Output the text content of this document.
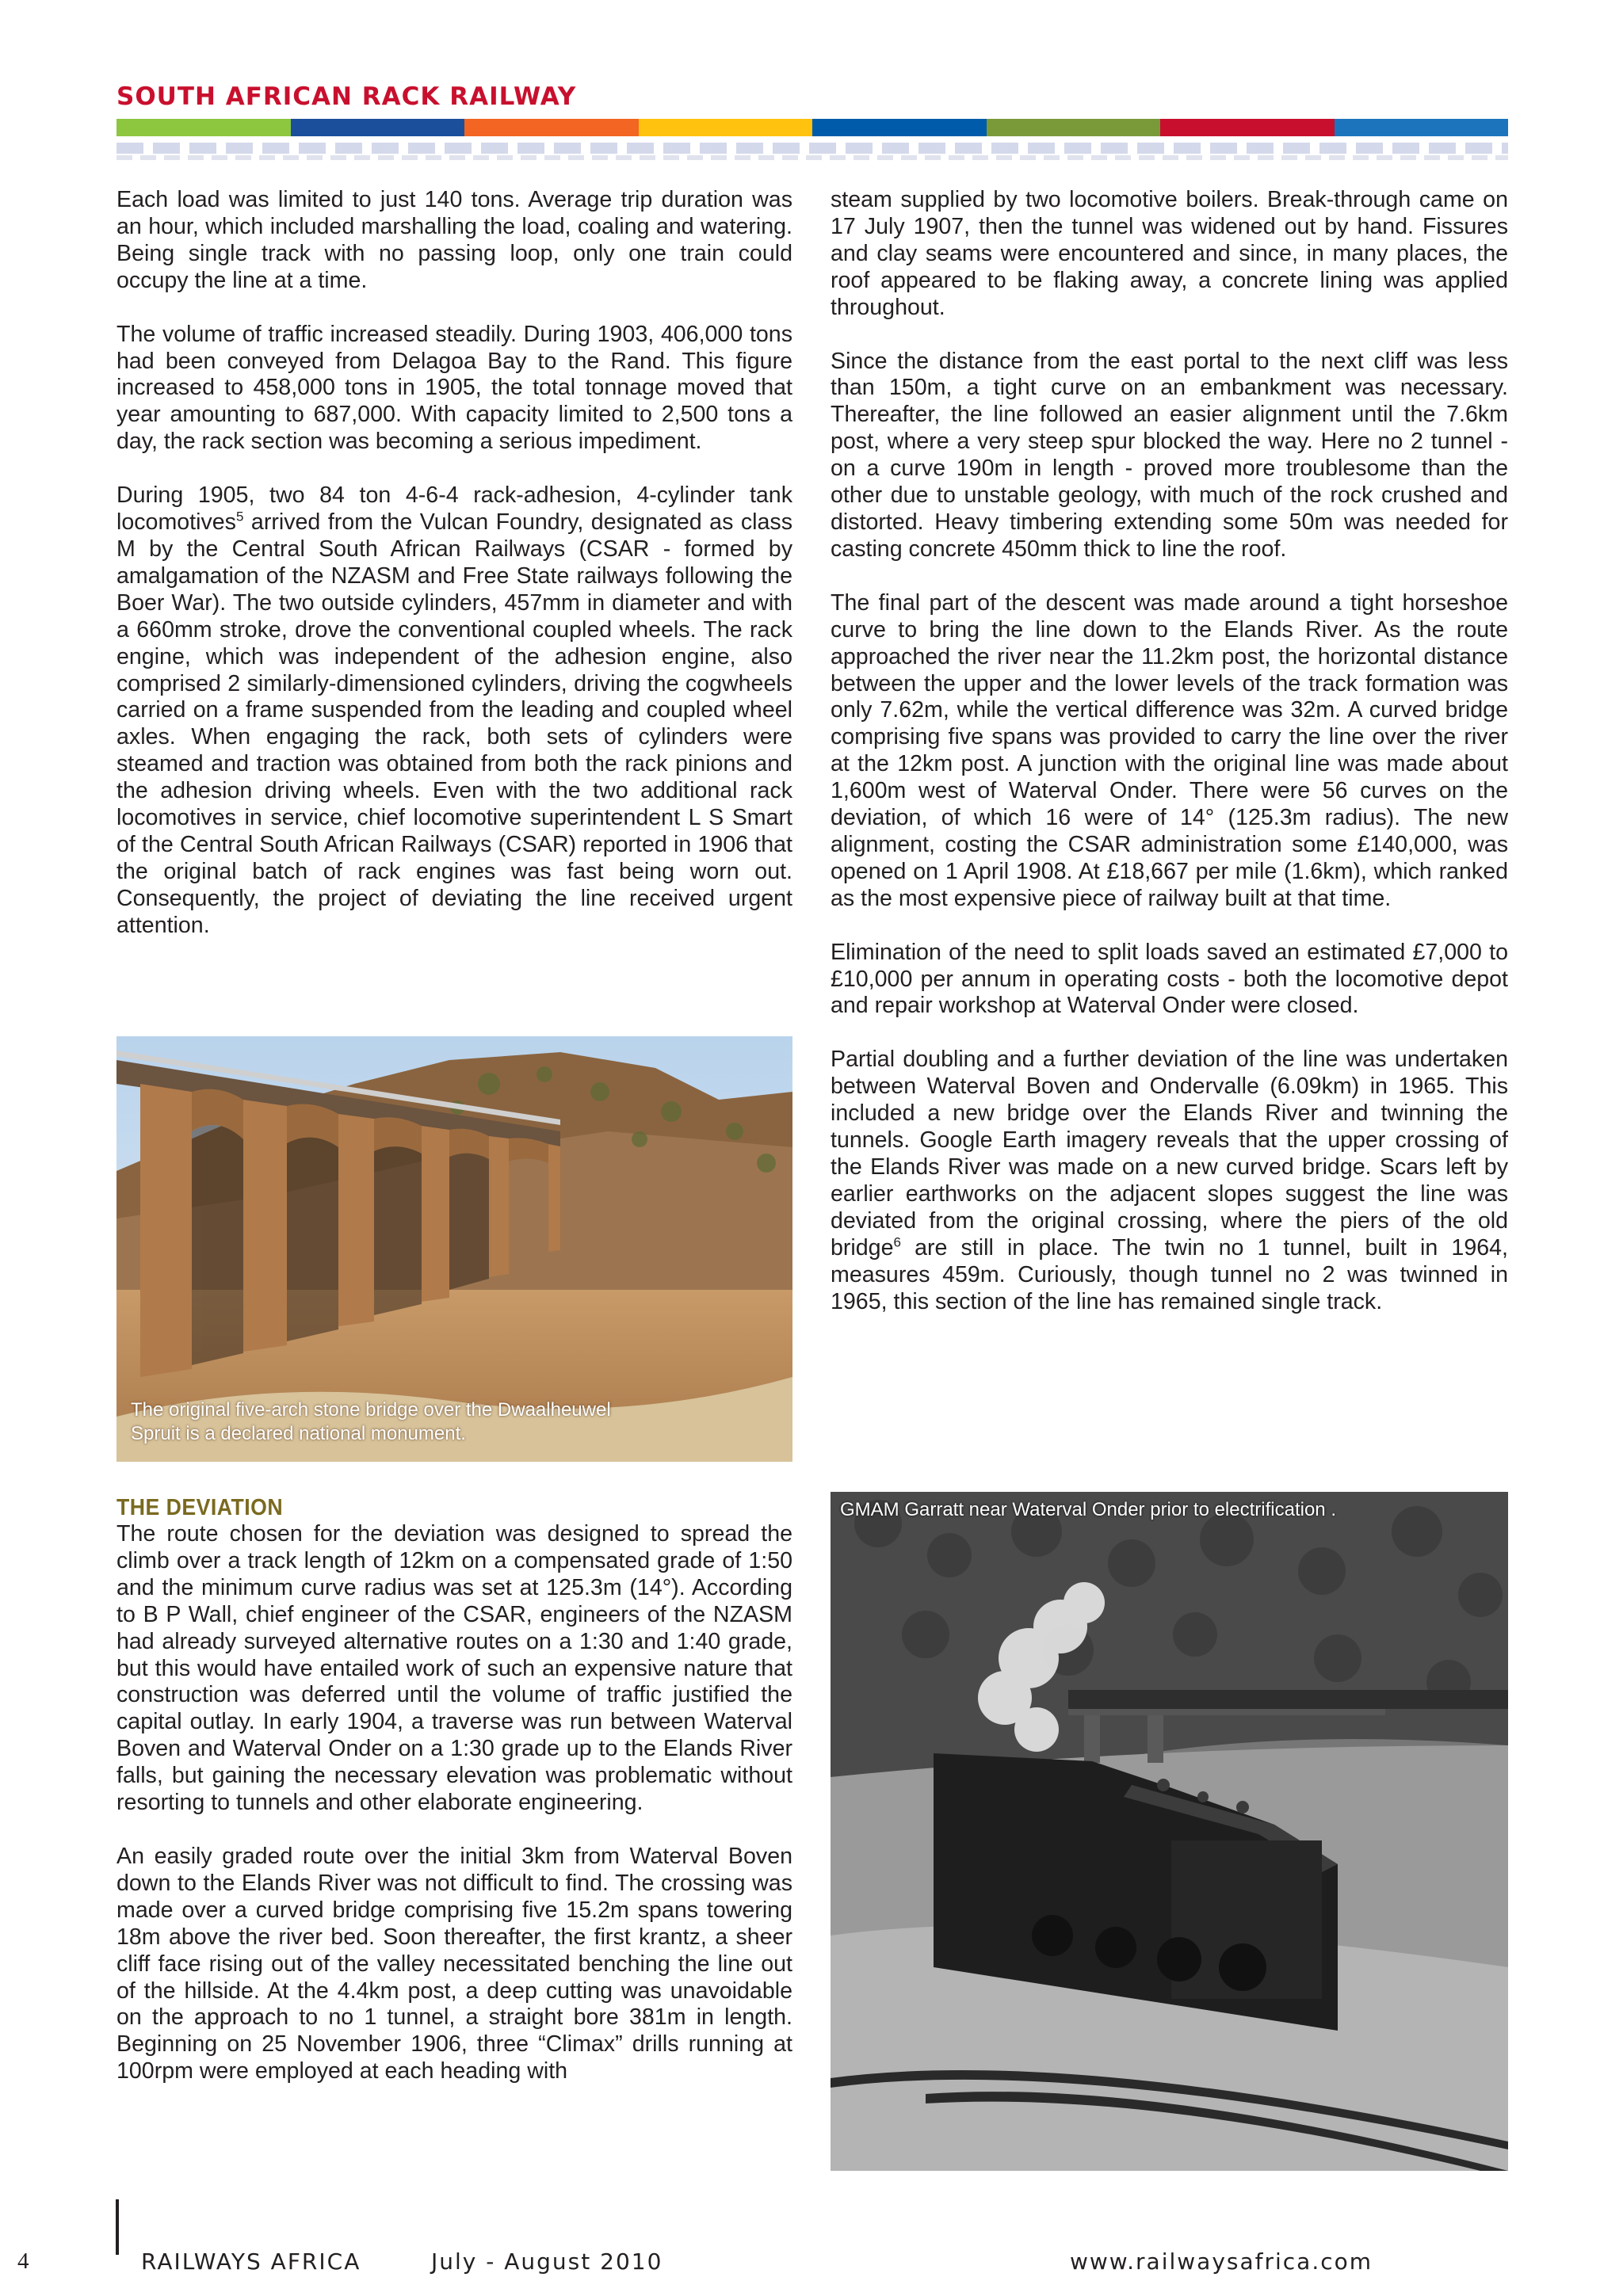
SOUTH AFRICAN RACK RAILWAY

Each load was limited to just 140 tons. Average trip duration was an hour, which included marshalling the load, coaling and watering. Being single track with no passing loop, only one train could occupy the line at a time.

The volume of traffic increased steadily. During 1903, 406,000 tons had been conveyed from Delagoa Bay to the Rand. This figure increased to 458,000 tons in 1905, the total tonnage moved that year amounting to 687,000. With capacity limited to 2,500 tons a day, the rack section was becoming a serious impediment.

During 1905, two 84 ton 4-6-4 rack-adhesion, 4-cylinder tank locomotives$^5$ arrived from the Vulcan Foundry, designated as class M by the Central South African Railways (CSAR - formed by amalgamation of the NZASM and Free State railways following the Boer War). The two outside cylinders, 457mm in diameter and with a 660mm stroke, drove the conventional coupled wheels. The rack engine, which was independent of the adhesion engine, also comprised 2 similarly-dimensioned cylinders, driving the cogwheels carried on a frame suspended from the leading and coupled wheel axles. When engaging the rack, both sets of cylinders were steamed and traction was obtained from both the rack pinions and the adhesion driving wheels. Even with the two additional rack locomotives in service, chief locomotive superintendent L S Smart of the Central South African Railways (CSAR) reported in 1906 that the original batch of rack engines was fast being worn out. Consequently, the project of deviating the line received urgent attention.

The original five-arch stone bridge over the Dwaalheuwel Spruit is a declared national monument.
THE DEVIATION

The route chosen for the deviation was designed to spread the climb over a track length of 12km on a compensated grade of 1:50 and the minimum curve radius was set at 125.3m (14°). According to B P Wall, chief engineer of the CSAR, engineers of the NZASM had already surveyed alternative routes on a 1:30 and 1:40 grade, but this would have entailed work of such an expensive nature that construction was deferred until the volume of traffic justified the capital outlay. In early 1904, a traverse was run between Waterval Boven and Waterval Onder on a 1:30 grade up to the Elands River falls, but gaining the necessary elevation was problematic without resorting to tunnels and other elaborate engineering.

An easily graded route over the initial 3km from Waterval Boven down to the Elands River was not difficult to find. The crossing was made over a curved bridge comprising five 15.2m spans towering 18m above the river bed. Soon thereafter, the first krantz, a sheer cliff face rising out of the valley necessitated benching the line out of the hillside. At the 4.4km post, a deep cutting was unavoidable on the approach to no 1 tunnel, a straight bore 381m in length. Beginning on 25 November 1906, three “Climax” drills running at 100rpm were employed at each heading with

steam supplied by two locomotive boilers. Break-through came on 17 July 1907, then the tunnel was widened out by hand. Fissures and clay seams were encountered and since, in many places, the roof appeared to be flaking away, a concrete lining was applied throughout.

Since the distance from the east portal to the next cliff was less than 150m, a tight curve on an embankment was necessary. Thereafter, the line followed an easier alignment until the 7.6km post, where a very steep spur blocked the way. Here no 2 tunnel - on a curve 190m in length - proved more troublesome than the other due to unstable geology, with much of the rock crushed and distorted. Heavy timbering extending some 50m was needed for casting concrete 450mm thick to line the roof.

The final part of the descent was made around a tight horseshoe curve to bring the line down to the Elands River. As the route approached the river near the 11.2km post, the horizontal distance between the upper and the lower levels of the track formation was only 7.62m, while the vertical difference was 32m. A curved bridge comprising five spans was provided to carry the line over the river at the 12km post. A junction with the original line was made about 1,600m west of Waterval Onder. There were 56 curves on the deviation, of which 16 were of 14° (125.3m radius). The new alignment, costing the CSAR administration some £140,000, was opened on 1 April 1908. At £18,667 per mile (1.6km), which ranked as the most expensive piece of railway built at that time.

Elimination of the need to split loads saved an estimated £7,000 to £10,000 per annum in operating costs - both the locomotive depot and repair workshop at Waterval Onder were closed.

Partial doubling and a further deviation of the line was undertaken between Waterval Boven and Ondervalle (6.09km) in 1965. This included a new bridge over the Elands River and twinning the tunnels. Google Earth imagery reveals that the upper crossing of the Elands River was made on a new curved bridge. Scars left by earlier earthworks on the adjacent slopes suggest the line was deviated from the original crossing, where the piers of the old bridge$^6$ are still in place. The twin no 1 tunnel, built in 1964, measures 459m. Curiously, though tunnel no 2 was twinned in 1965, this section of the line has remained single track.

GMAM Garratt near Waterval Onder prior to electrification .
4	RAILWAYS AFRICA	July - August 2010	www.railwaysafrica.com
